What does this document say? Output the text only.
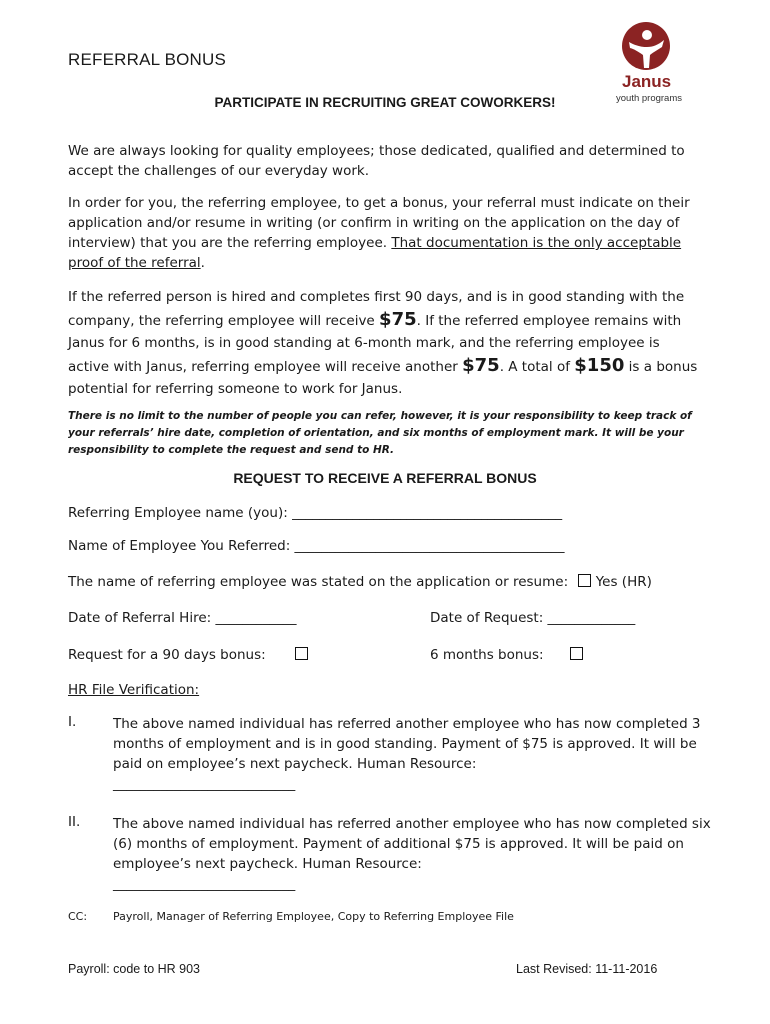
REFERRAL BONUS
Janus
youth programs
PARTICIPATE IN RECRUITING GREAT COWORKERS!
We are always looking for quality employees; those dedicated, qualified and determined to accept the challenges of our everyday work.
In order for you, the referring employee, to get a bonus, your referral must indicate on their application and/or resume in writing (or confirm in writing on the application on the day of interview) that you are the referring employee. That documentation is the only acceptable proof of the referral.
If the referred person is hired and completes first 90 days, and is in good standing with the company, the referring employee will receive $75. If the referred employee remains with Janus for 6 months, is in good standing at 6-month mark, and the referring employee is active with Janus, referring employee will receive another $75. A total of $150 is a bonus potential for referring someone to work for Janus.
There is no limit to the number of people you can refer, however, it is your responsibility to keep track of your referrals’ hire date, completion of orientation, and six months of employment mark. It will be your responsibility to complete the request and send to HR.
REQUEST TO RECEIVE A REFERRAL BONUS
Referring Employee name (you): ________________________________________
Name of Employee You Referred: ________________________________________
The name of referring employee was stated on the application or resume: Yes (HR)
Date of Referral Hire: ____________	Date of Request: _____________
Request for a 90 days bonus:	6 months bonus:
HR File Verification:
I.	The above named individual has referred another employee who has now completed 3 months of employment and is in good standing. Payment of $75 is approved. It will be paid on employee’s next paycheck. Human Resource:
___________________________
II. The above named individual has referred another employee who has now completed six (6) months of employment. Payment of additional $75 is approved. It will be paid on employee’s next paycheck. Human Resource:
___________________________
CC: Payroll, Manager of Referring Employee, Copy to Referring Employee File
Payroll: code to HR 903	Last Revised: 11-11-2016
